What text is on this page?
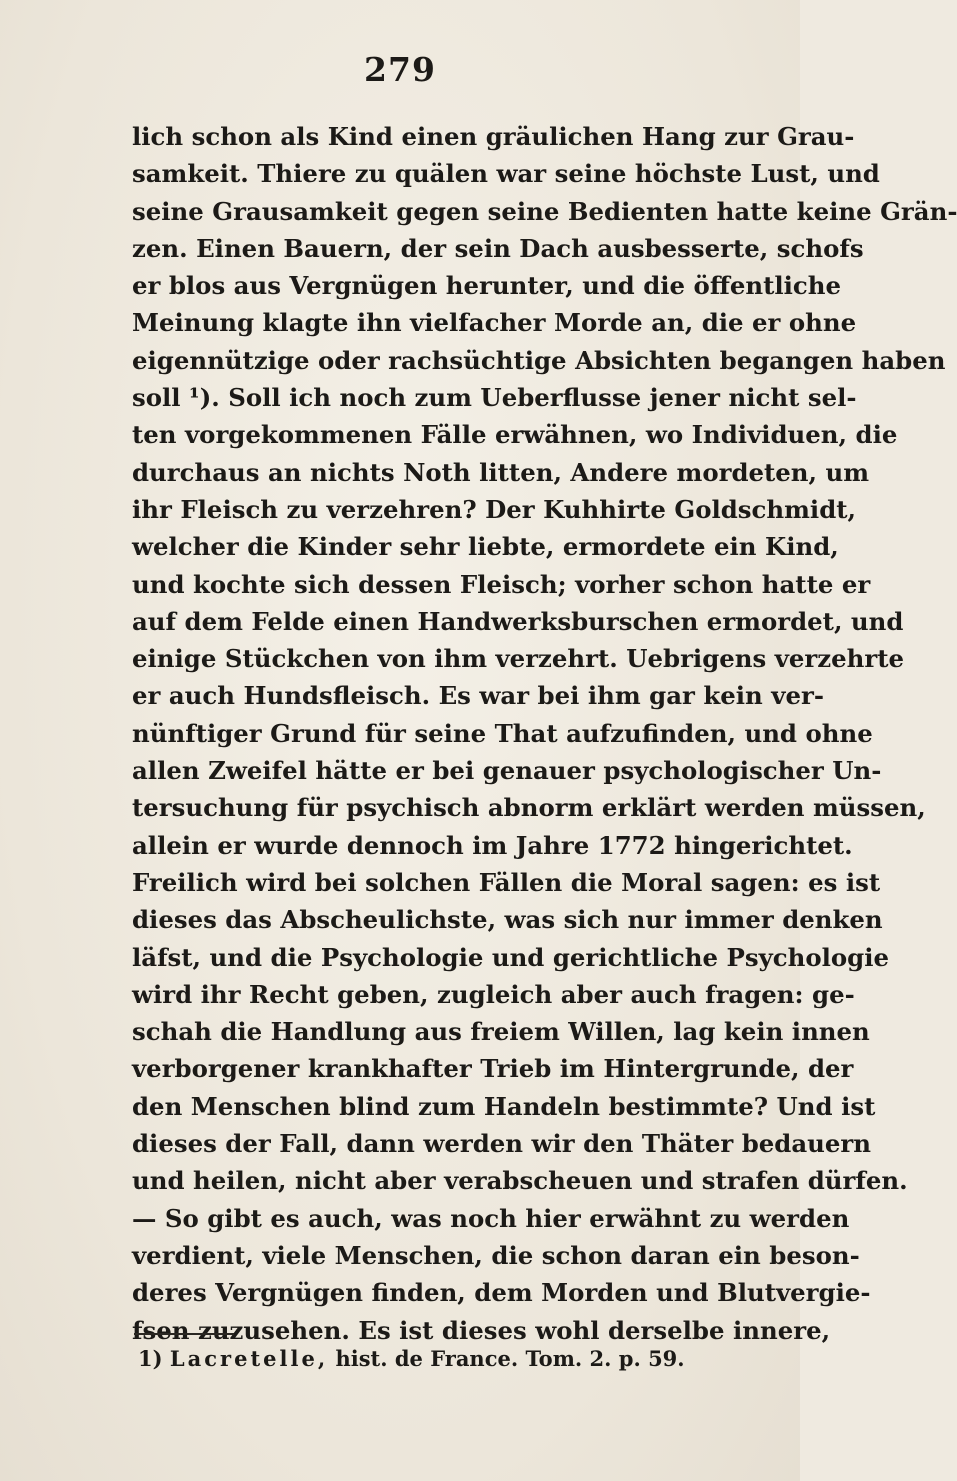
279
lich schon als Kind einen gräulichen Hang zur Grau-
samkeit. Thiere zu quälen war seine höchste Lust, und
seine Grausamkeit gegen seine Bedienten hatte keine Grän-
zen. Einen Bauern, der sein Dach ausbesserte, schofs
er blos aus Vergnügen herunter, und die öffentliche
Meinung klagte ihn vielfacher Morde an, die er ohne
eigennützige oder rachsüchtige Absichten begangen haben
soll ¹). Soll ich noch zum Ueberflusse jener nicht sel-
ten vorgekommenen Fälle erwähnen, wo Individuen, die
durchaus an nichts Noth litten, Andere mordeten, um
ihr Fleisch zu verzehren? Der Kuhhirte Goldschmidt,
welcher die Kinder sehr liebte, ermordete ein Kind,
und kochte sich dessen Fleisch; vorher schon hatte er
auf dem Felde einen Handwerksburschen ermordet, und
einige Stückchen von ihm verzehrt. Uebrigens verzehrte
er auch Hundsfleisch. Es war bei ihm gar kein ver-
nünftiger Grund für seine That aufzufinden, und ohne
allen Zweifel hätte er bei genauer psychologischer Un-
tersuchung für psychisch abnorm erklärt werden müssen,
allein er wurde dennoch im Jahre 1772 hingerichtet.
Freilich wird bei solchen Fällen die Moral sagen: es ist
dieses das Abscheulichste, was sich nur immer denken
läfst, und die Psychologie und gerichtliche Psychologie
wird ihr Recht geben, zugleich aber auch fragen: ge-
schah die Handlung aus freiem Willen, lag kein innen
verborgener krankhafter Trieb im Hintergrunde, der
den Menschen blind zum Handeln bestimmte? Und ist
dieses der Fall, dann werden wir den Thäter bedauern
und heilen, nicht aber verabscheuen und strafen dürfen.
— So gibt es auch, was noch hier erwähnt zu werden
verdient, viele Menschen, die schon daran ein beson-
deres Vergnügen finden, dem Morden und Blutvergie-
fsen zuzusehen. Es ist dieses wohl derselbe innere,
1) Lacretelle, hist. de France. Tom. 2. p. 59.
